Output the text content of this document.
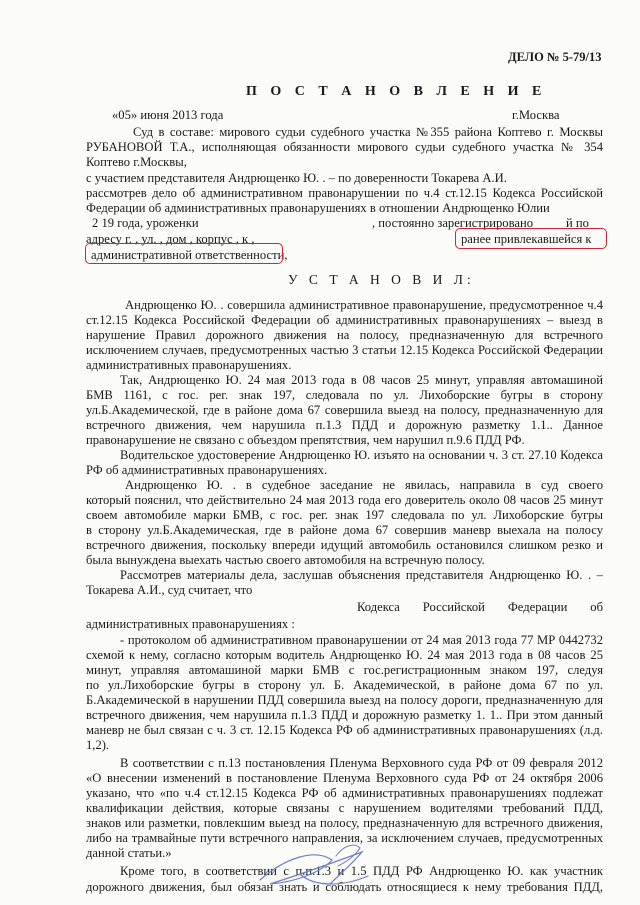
ДЕЛО № 5-79/13
П О С Т А Н О В Л Е Н И Е
«05» июня 2013 года	г.Москва
Суд в составе: мирового судьи судебного участка №355 района Коптево г. Москвы
РУБАНОВОЙ Т.А., исполняющая обязанности мирового судьи судебного участка № 354
Коптево г.Москвы,
с участием представителя Андрющенко Ю. . – по доверенности Токарева А.И.
рассмотрев дело об административном правонарушении по ч.4 ст.12.15 Кодекса Российской
Федерации об административных правонарушениях в отношении Андрющенко Юлии
2 19 года, уроженки	, постоянно зарегистрировано	й по
адресу г. , ул. , дом , корпус , к ,	ранее привлекавшейся к
административной ответственности,
Андрющенко Ю. . совершила административное правонарушение, предусмотренное ч.4
ст.12.15 Кодекса Российской Федерации об административных правонарушениях – выезд в
нарушение Правил дорожного движения на полосу, предназначенную для встречного
исключением случаев, предусмотренных частью 3 статьи 12.15 Кодекса Российской Федерации
административных правонарушениях.
Так, Андрющенко Ю. 24 мая 2013 года в 08 часов 25 минут, управляя автомашиной
БМВ 1161, с гос. рег. знак 197, следовала по ул. Лихоборские бугры в сторону
ул.Б.Академической, где в районе дома 67 совершила выезд на полосу, предназначенную для
встречного движения, чем нарушила п.1.3 ПДД и дорожную разметку 1.1.. Данное
правонарушение не связано с объездом препятствия, чем нарушил п.9.6 ПДД РФ.
Водительское удостоверение Андрющенко Ю. изъято на основании ч. 3 ст. 27.10 Кодекса
РФ об административных правонарушениях.
Андрющенко Ю. . в судебное заседание не явилась, направила в суд своего
который пояснил, что действительно 24 мая 2013 года его доверитель около 08 часов 25 минут
своем автомобиле марки БМВ, с гос. рег. знак 197 следовала по ул. Лихоборские бугры
в сторону ул.Б.Академическая, где в районе дома 67 совершив маневр выехала на полосу
встречного движения, поскольку впереди идущий автомобиль остановился слишком резко и
была вынуждена выехать частью своего автомобиля на встречную полосу.
Рассмотрев материалы дела, заслушав объяснения представителя Андрющенко Ю. . –
Токарева А.И., суд считает, что
Кодекса Российской Федерации об
административных правонарушениях :
- протоколом об административном правонарушении от 24 мая 2013 года 77 МР 0442732
схемой к нему, согласно которым водитель Андрющенко Ю. 24 мая 2013 года в 08 часов 25
минут, управляя автомашиной марки БМВ с гос.регистрационным знаком 197, следуя
по ул.Лихоборские бугры в сторону ул. Б. Академической, в районе дома 67 по ул.
Б.Академической в нарушении ПДД совершила выезд на полосу дороги, предназначенную для
встречного движения, чем нарушила п.1.3 ПДД и дорожную разметку 1. 1.. При этом данный
маневр не был связан с ч. 3 ст. 12.15 Кодекса РФ об административных правонарушениях (л.д.
1,2).
В соответствии с п.13 постановления Пленума Верховного суда РФ от 09 февраля 2012
«О внесении изменений в постановление Пленума Верховного суда РФ от 24 октября 2006
указано, что «по ч.4 ст.12.15 Кодекса РФ об административных правонарушениях подлежат
квалификации действия, которые связаны с нарушением водителями требований ПДД,
знаков или разметки, повлекшим выезд на полосу, предназначенную для встречного движения,
либо на трамвайные пути встречного направления, за исключением случаев, предусмотренных
данной статьи.»
Кроме того, в соответствии с п.п.1.3 и 1.5 ПДД РФ Андрющенко Ю. как участник
дорожного движения, был обязан знать и соблюдать относящиеся к нему требования ПДД,
У С Т А Н О В И Л:
